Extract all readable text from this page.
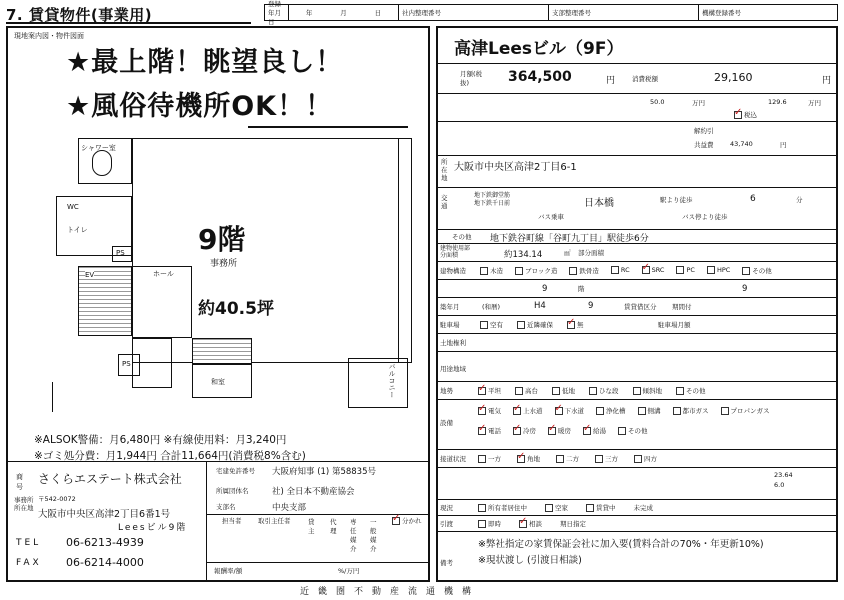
7. 賃貸物件(事業用)
登録年月日
年	月	日	社内整理番号	支部整理番号	機構登録番号
現地案内図・物件図面
★最上階！眺望良し！
★風俗待機所OK！！
シャワー室
WC
トイレ
PS
EV	ホール
PS
和室	バルコニー
9階
事務所
約40.5坪
※ALSOK警備：月6,480円 ※有線使用料：月3,240円
※ゴミ処分費：月1,944円 合計11,664円(消費税8%含む)
商号
さくらエステート株式会社
事務所所在地
〒542-0072
大阪市中央区高津2丁目6番1号
Leesビル9階
TEL 06-6213-4939
FAX 06-6214-4000
宅建免許番号 大阪府知事 (1) 第58835号
所属団体名	社) 全日本不動産協会
支部名	中央支部
担当者	取引主任者	貸主
代理
専任媒介
一般媒介
✓分かれ
報酬率/額	%/万円
高津Leesビル（9F）
月額(税抜)	364,500	円	消費税額	29,160	円
50.0	万円	129.6	万円
✓税込
解約引
共益費	43,740	円
所在地
大阪市中央区高津2丁目6-1
交通
地下鉄御堂筋 地下鉄千日前	日本橋	駅より徒歩	6	分
バス乗車	バス停より徒歩
その他 地下鉄谷町線「谷町九丁目」駅徒歩6分
建物使用部分面積	約134.14	㎡ 部分面積
建物構造	木造	ブロック造	鉄骨造	RC ✓	SRC	PC	HPC	その他
9	階	9
築年月	(和暦)	H4	9	賃貸借区分 期間付
駐車場	空有	近隣確保 ✓	無	駐車場月額
土地権利
用途地域
地勢 ✓	平坦	高台	低地	ひな段	傾斜地	その他
設備
✓電気 ✓	上水道 ✓	下水道	浄化槽	側溝	都市ガス	プロパンガス
✓電話 ✓	冷房 ✓	暖房 ✓	給湯	その他
接道状況	一方 ✓	角地	二方	三方	四方
23.64
6.0
現況	所有者居住中	空家	賃貸中	未完成
引渡	即時 ✓	相談	期日指定
備考
※弊社指定の家賃保証会社に加入要(賃料合計の70%・年更新10%)
※現状渡し (引渡日相談)
近畿圏不動産流通機構
